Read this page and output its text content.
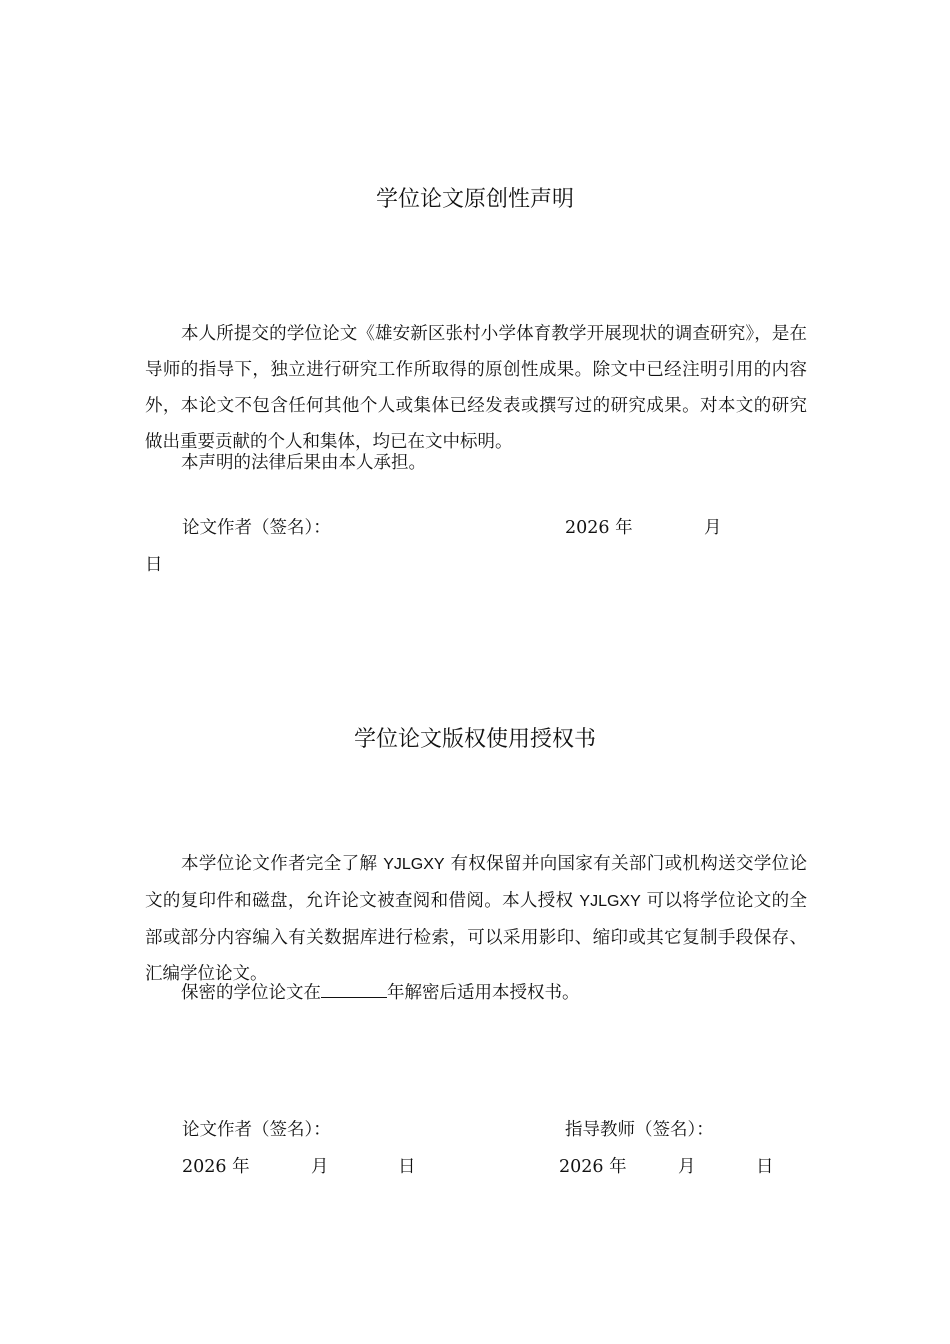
学位论文原创性声明
本人所提交的学位论文《雄安新区张村小学体育教学开展现状的调查研究》，是在导师的指导下，独立进行研究工作所取得的原创性成果。除文中已经注明引用的内容外，本论文不包含任何其他个人或集体已经发表或撰写过的研究成果。对本文的研究做出重要贡献的个人和集体，均已在文中标明。
本声明的法律后果由本人承担。
论文作者（签名）：	2026 年	月
日
学位论文版权使用授权书
本学位论文作者完全了解 YJLGXY 有权保留并向国家有关部门或机构送交学位论文的复印件和磁盘，允许论文被查阅和借阅。本人授权 YJLGXY 可以将学位论文的全部或部分内容编入有关数据库进行检索，可以采用影印、缩印或其它复制手段保存、汇编学位论文。
保密的学位论文在	年解密后适用本授权书。
论文作者（签名）：	指导教师（签名）：
2026 年	月	日	2026 年	月	日
